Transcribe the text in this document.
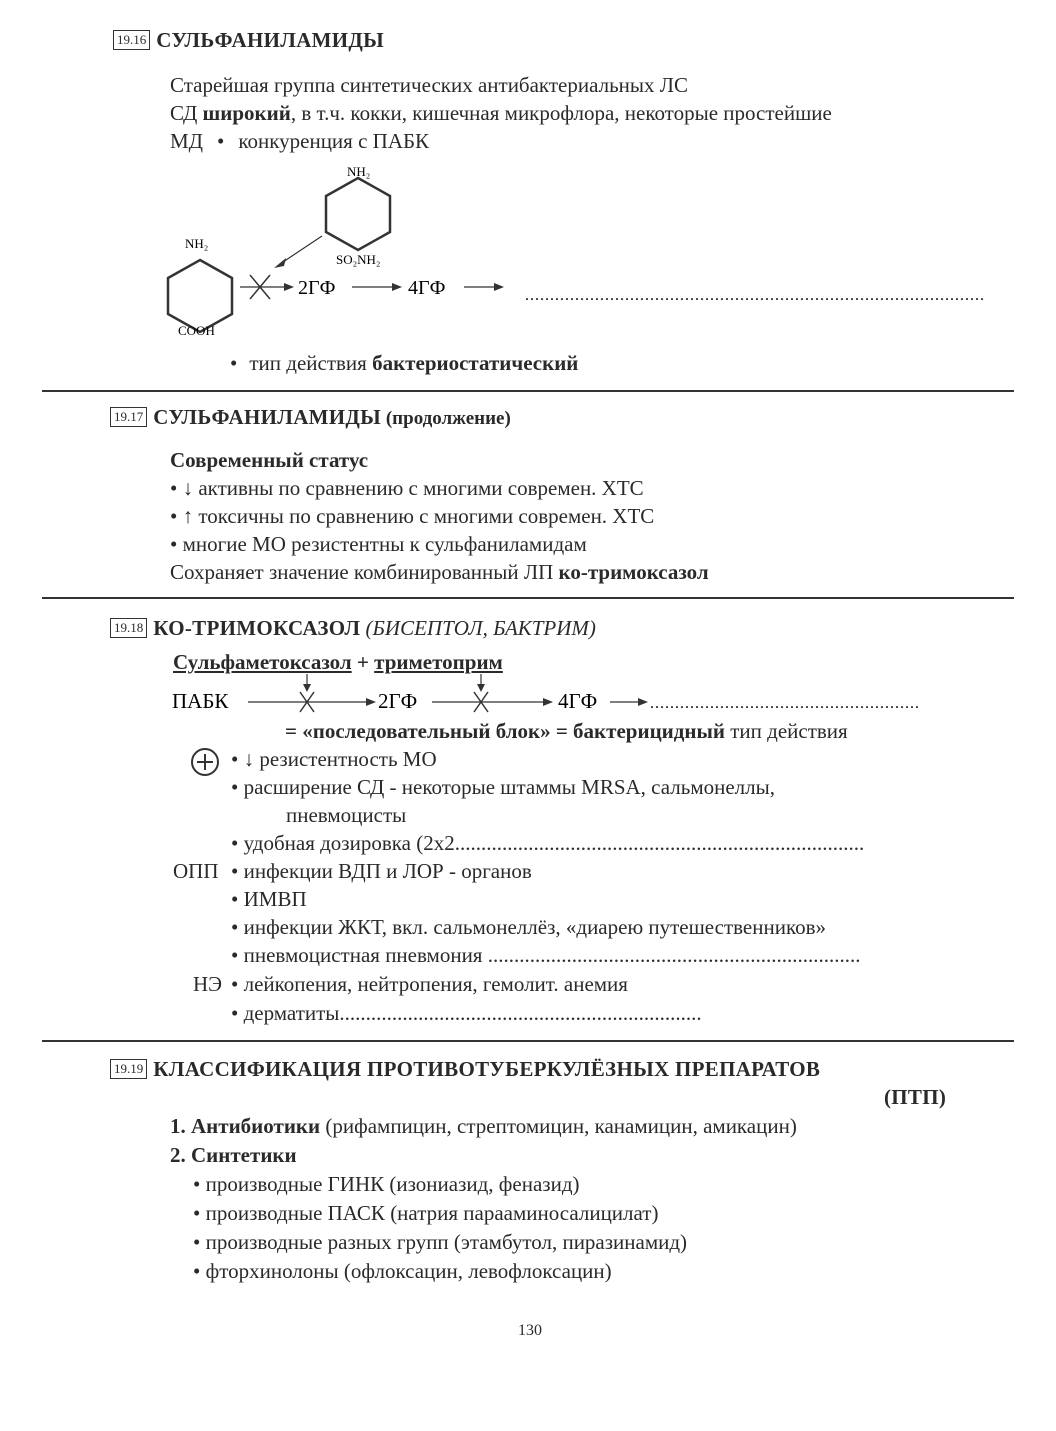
19.16 СУЛЬФАНИЛАМИДЫ
Старейшая группа синтетических антибактериальных ЛС
СД широкий, в т.ч. кокки, кишечная микрофлора, некоторые простейшие
МД • конкуренция с ПАБК
NH₂
SO₂NH₂
NH₂
COOH
2ГФ	4ГФ	............................................................................................
• тип действия бактериостатический
19.17 СУЛЬФАНИЛАМИДЫ (продолжение)
Современный статус
• ↓ активны по сравнению с многими современ. ХТС
• ↑ токсичны по сравнению с многими современ. ХТС
• многие МО резистентны к сульфаниламидам
Сохраняет значение комбинированный ЛП ко-тримоксазол
19.18 КО-ТРИМОКСАЗОЛ (БИСЕПТОЛ, БАКТРИМ)
Сульфаметоксазол + триметоприм
ПАБК	2ГФ	4ГФ	......................................................
= «последовательный блок» = бактерицидный тип действия
• ↓ резистентность МО
• расширение СД - некоторые штаммы MRSA, сальмонеллы,
пневмоцисты
• удобная дозировка (2х2..............................................................................
ОПП • инфекции ВДП и ЛОР - органов
• ИМВП
• инфекции ЖКТ, вкл. сальмонеллёз, «диарею путешественников»
• пневмоцистная пневмония .......................................................................
НЭ • лейкопения, нейтропения, гемолит. анемия
• дерматиты.....................................................................
19.19 КЛАССИФИКАЦИЯ ПРОТИВОТУБЕРКУЛЁЗНЫХ ПРЕПАРАТОВ
(ПТП)
1. Антибиотики (рифампицин, стрептомицин, канамицин, амикацин)
2. Синтетики
• производные ГИНК (изониазид, феназид)
• производные ПАСК (натрия парааминосалицилат)
• производные разных групп (этамбутол, пиразинамид)
• фторхинолоны (офлоксацин, левофлоксацин)
130
